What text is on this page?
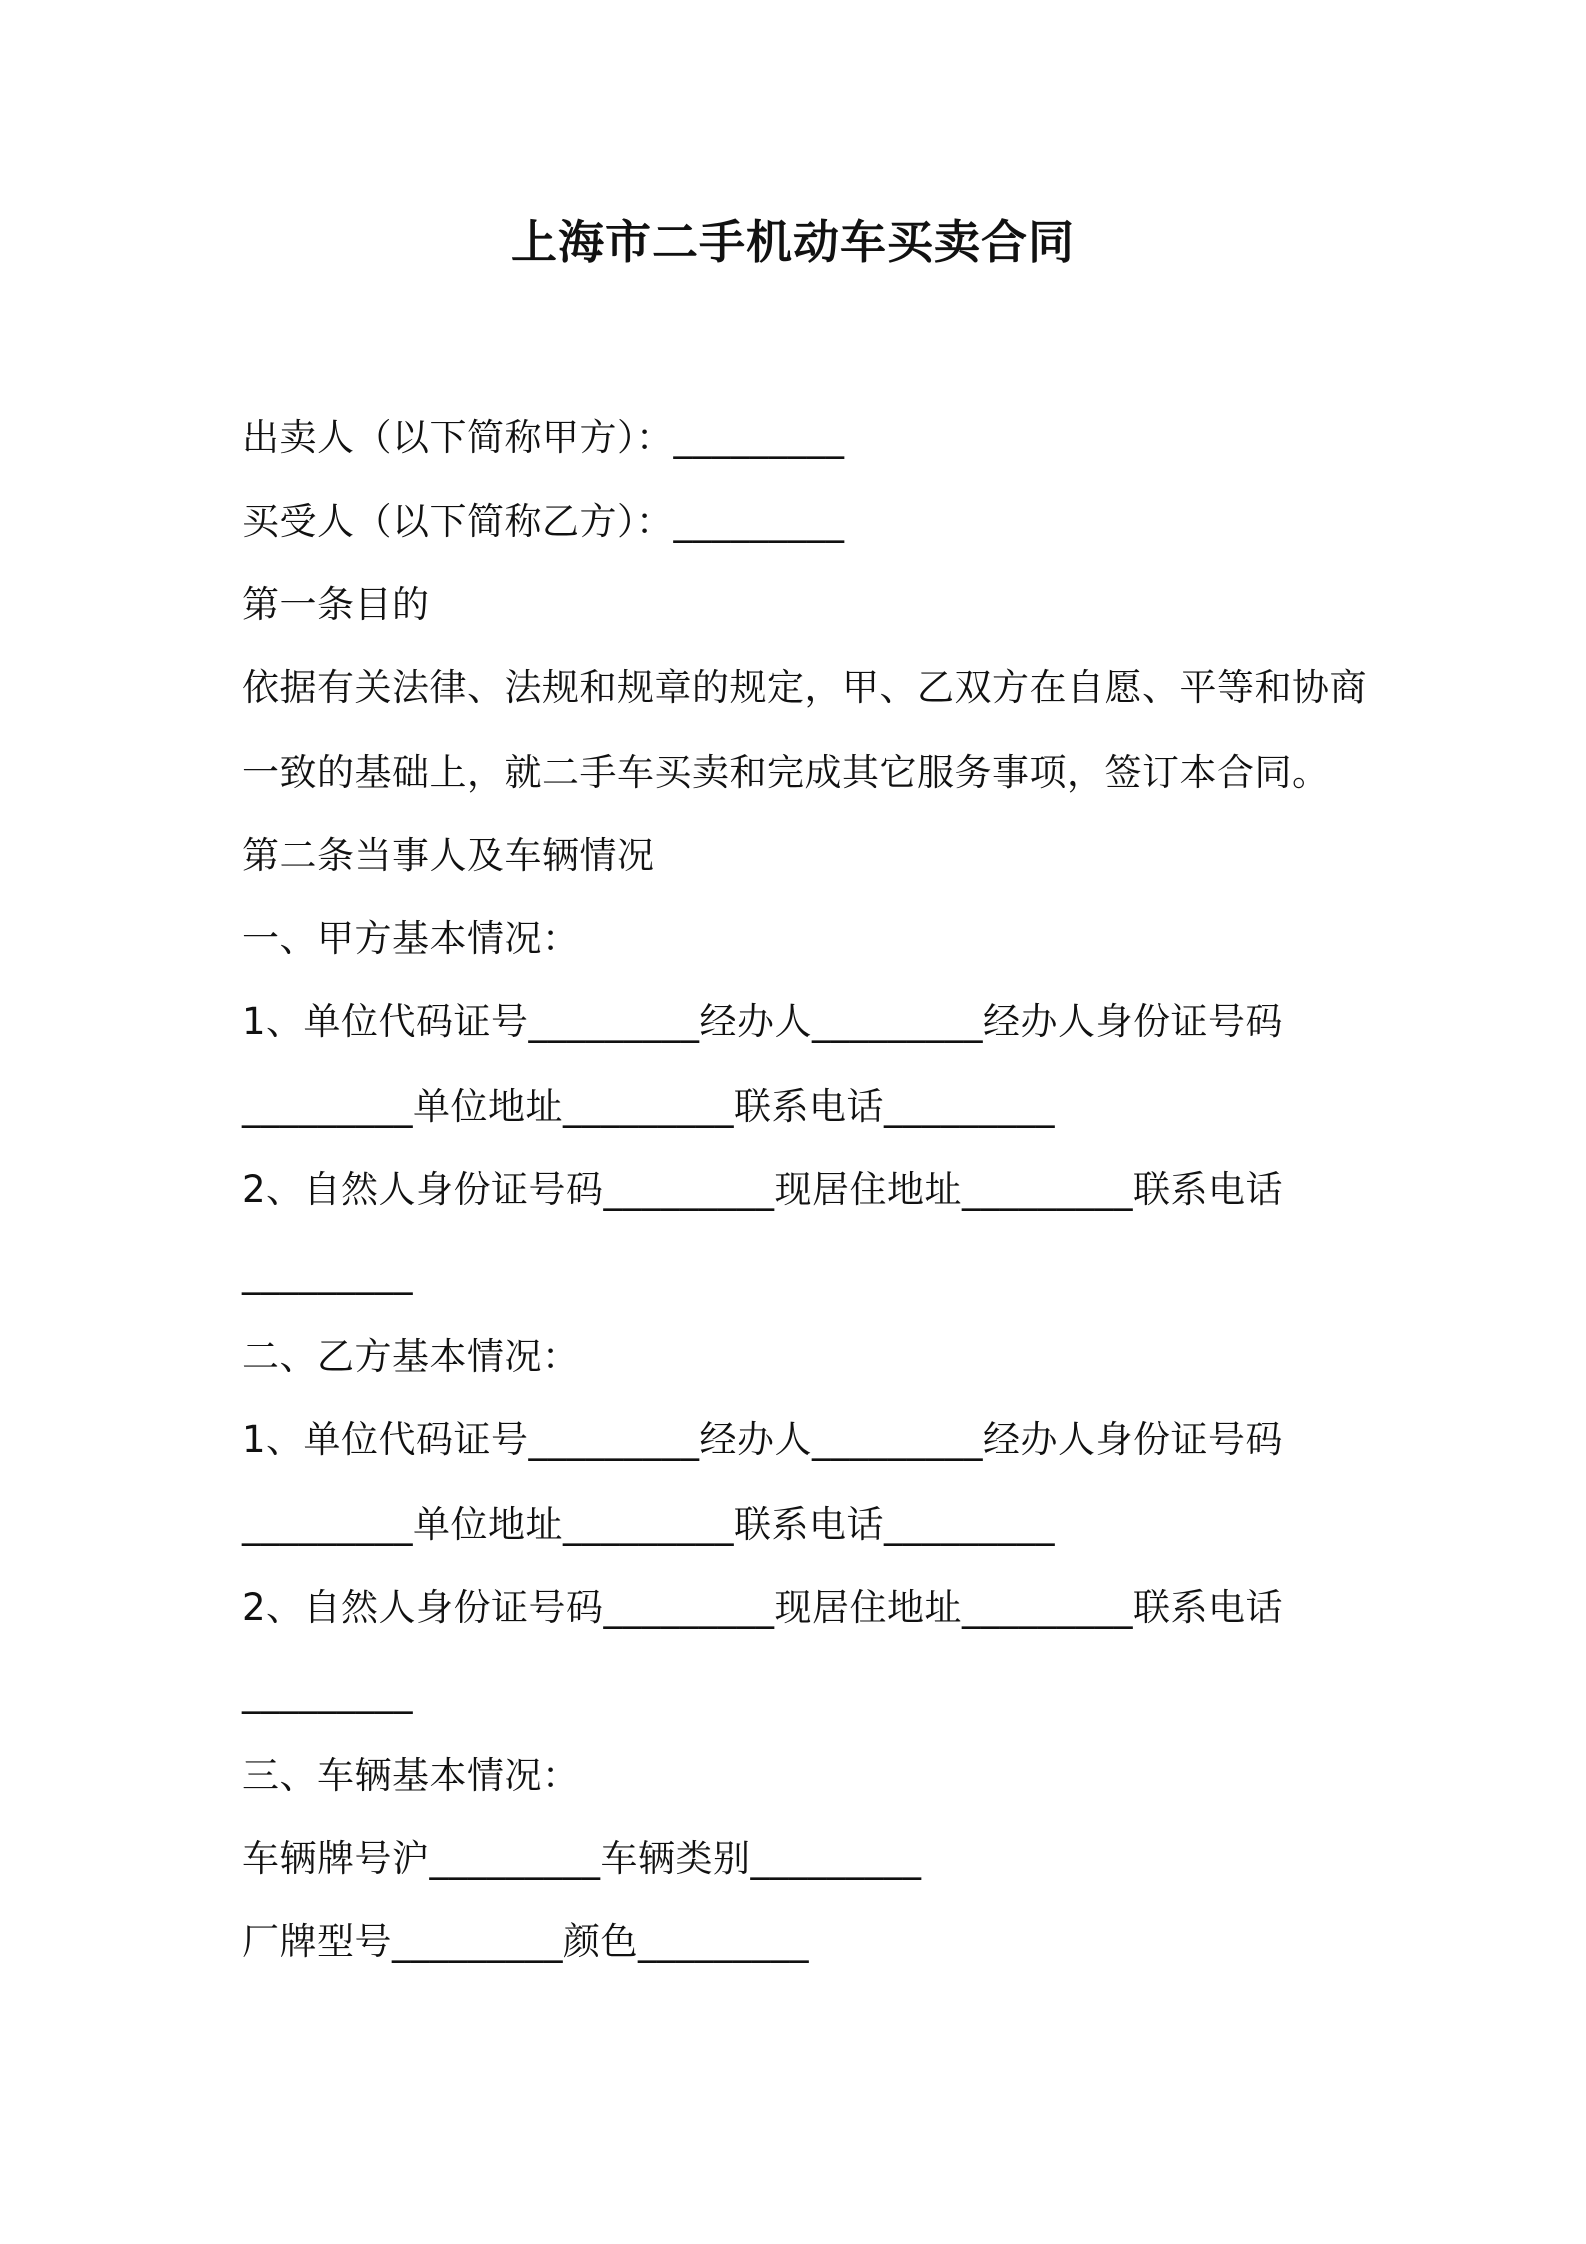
上海市二手机动车买卖合同
出卖人（以下简称甲方）：_________
买受人（以下简称乙方）：_________
第一条目的
依据有关法律、法规和规章的规定，甲、乙双方在自愿、平等和协商
一致的基础上，就二手车买卖和完成其它服务事项，签订本合同。
第二条当事人及车辆情况
一、甲方基本情况：
1、单位代码证号_________经办人_________经办人身份证号码
_________单位地址_________联系电话_________
2、自然人身份证号码_________现居住地址_________联系电话
_________
二、乙方基本情况：
1、单位代码证号_________经办人_________经办人身份证号码
_________单位地址_________联系电话_________
2、自然人身份证号码_________现居住地址_________联系电话
_________
三、车辆基本情况：
车辆牌号沪_________车辆类别_________
厂牌型号_________颜色_________
